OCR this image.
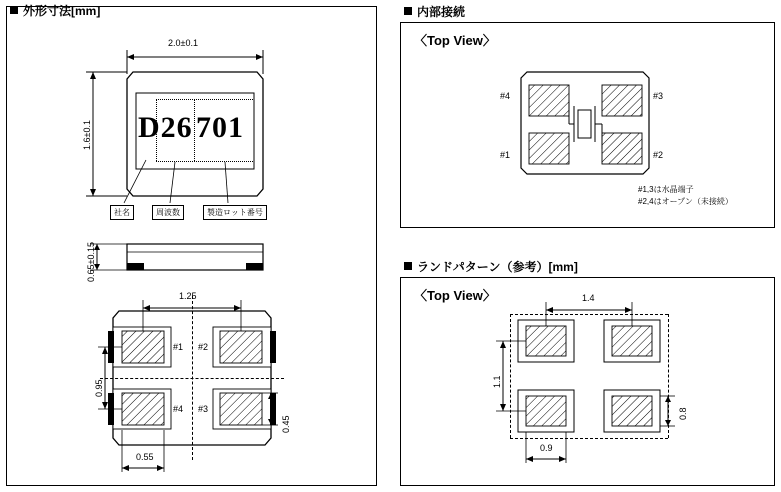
外形寸法[mm]
2.0±0.1
1.6±0.1 D26 701
社名	周波数	製造ロット番号
0.65±0.15
#1 #2
#4 #3
1.25
0.95
0.45
0.55
内部接続
〈Top View〉
#4	#3
#1	#2
#1,3は水晶端子
#2,4はオープン（未接続）
ランドパターン（参考）[mm]
〈Top View〉	1.4
1.1
0.8
0.9
